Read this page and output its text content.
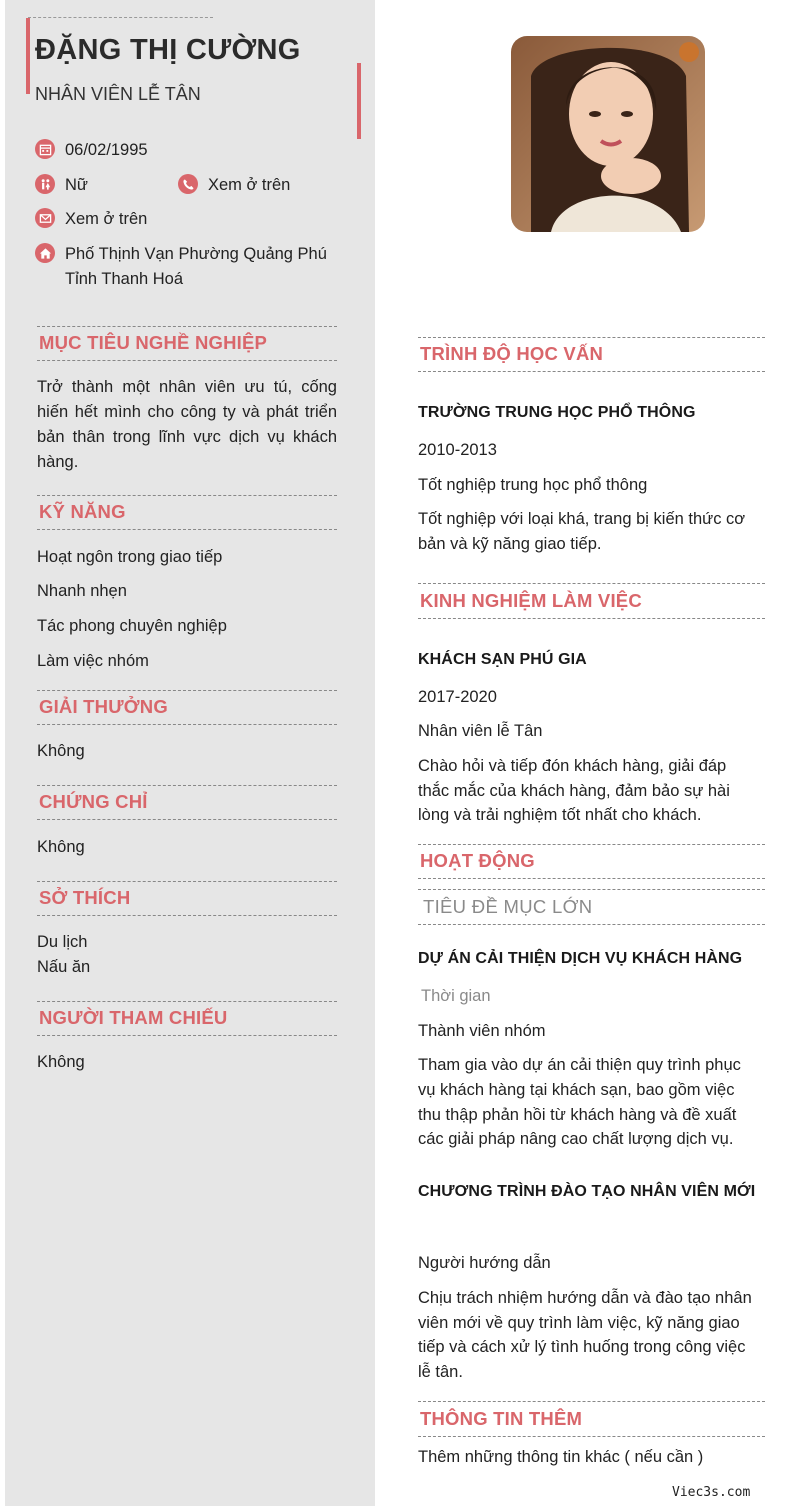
ĐẶNG THỊ CƯỜNG
NHÂN VIÊN LỄ TÂN
06/02/1995
Nữ	Xem ở trên
Xem ở trên
Phố Thịnh Vạn Phường Quảng Phú
Tỉnh Thanh Hoá
MỤC TIÊU NGHỀ NGHIỆP
Trở thành một nhân viên ưu tú, cống hiến hết mình cho công ty và phát triển bản thân trong lĩnh vực dịch vụ khách hàng.
KỸ NĂNG
Hoạt ngôn trong giao tiếp
Nhanh nhẹn
Tác phong chuyên nghiệp
Làm việc nhóm
GIẢI THƯỞNG
Không
CHỨNG CHỈ
Không
SỞ THÍCH
Du lịch
Nấu ăn
NGƯỜI THAM CHIẾU
Không
TRÌNH ĐỘ HỌC VẤN
TRƯỜNG TRUNG HỌC PHỔ THÔNG
2010-2013
Tốt nghiệp trung học phổ thông
Tốt nghiệp với loại khá, trang bị kiến thức cơ
bản và kỹ năng giao tiếp.
KINH NGHIỆM LÀM VIỆC
KHÁCH SẠN PHÚ GIA
2017-2020
Nhân viên lễ Tân
Chào hỏi và tiếp đón khách hàng, giải đáp
thắc mắc của khách hàng, đảm bảo sự hài
lòng và trải nghiệm tốt nhất cho khách.
HOẠT ĐỘNG
TIÊU ĐỀ MỤC LỚN
DỰ ÁN CẢI THIỆN DỊCH VỤ KHÁCH HÀNG
Thời gian
Thành viên nhóm
Tham gia vào dự án cải thiện quy trình phục
vụ khách hàng tại khách sạn, bao gồm việc
thu thập phản hồi từ khách hàng và đề xuất
các giải pháp nâng cao chất lượng dịch vụ.
CHƯƠNG TRÌNH ĐÀO TẠO NHÂN VIÊN MỚI
Người hướng dẫn
Chịu trách nhiệm hướng dẫn và đào tạo nhân
viên mới về quy trình làm việc, kỹ năng giao
tiếp và cách xử lý tình huống trong công việc
lễ tân.
THÔNG TIN THÊM
Thêm những thông tin khác ( nếu cần )
Viec3s.com
